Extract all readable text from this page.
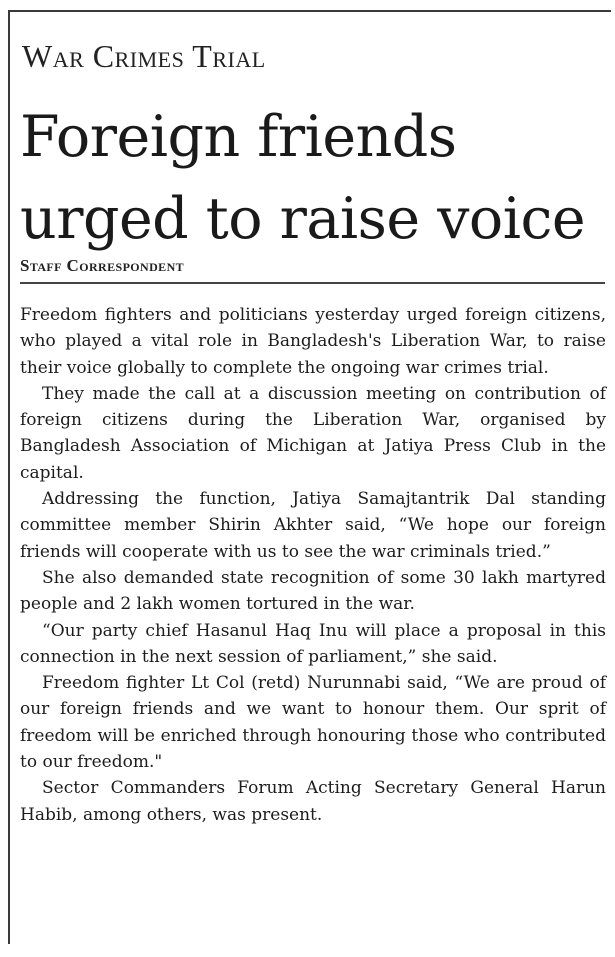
War Crimes Trial
Foreign friends
urged to raise voice
Staff Correspondent

Freedom fighters and politicians yesterday urged foreign citizens, who played a vital role in Bangladesh's Liberation War, to raise their voice globally to complete the ongoing war crimes trial.

They made the call at a discussion meeting on contribution of foreign citizens during the Liberation War, organised by Bangladesh Association of Michigan at Jatiya Press Club in the capital.

Addressing the function, Jatiya Samajtantrik Dal standing committee member Shirin Akhter said, “We hope our foreign friends will cooperate with us to see the war criminals tried.”

She also demanded state recognition of some 30 lakh martyred people and 2 lakh women tortured in the war.

“Our party chief Hasanul Haq Inu will place a proposal in this connection in the next session of parliament,” she said.

Freedom fighter Lt Col (retd) Nurunnabi said, “We are proud of our foreign friends and we want to honour them. Our sprit of freedom will be enriched through honouring those who contributed to our freedom."

Sector Commanders Forum Acting Secretary General Harun Habib, among others, was present.
